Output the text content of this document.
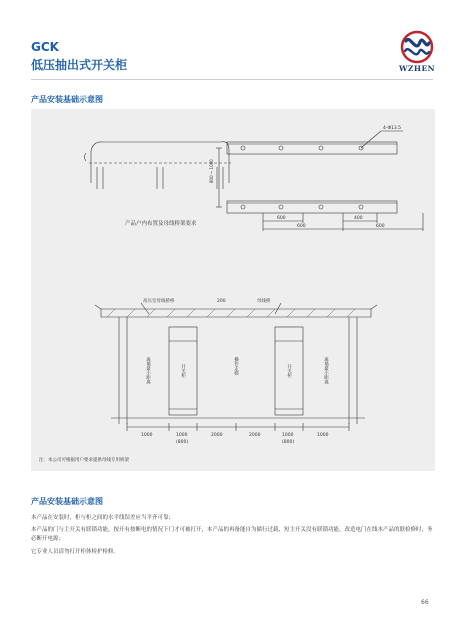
GCK
低压抽出式开关柜	WZHEN
产品安装基础示意图
产品户内布置及母线桥架要求
4-Φ13.5
800 ~ 1000
600	400
600	600
高压室母线桥桥	200	母线桥
离墙最小距离	开关柜	操作走廊	开关柜	离墙最小距离
1000	1000
(800)
2000	2000	1000
(800)
1000
注：本公司可根据用户要求提供母线专用桥架
产品安装基础示意图

本产品在安装时，柜与柜之间的水平线误差应当平齐可靠；

本产品的门与主开关有联锁功能，按开有按断电的情况下门才可被打开，本产品的再备能自为储行过载、短主开关没有联锁功能，改造电门在线本产品的联检修时，务必断开电源；

它专业人员请勿打开柜体检护检修。

66
